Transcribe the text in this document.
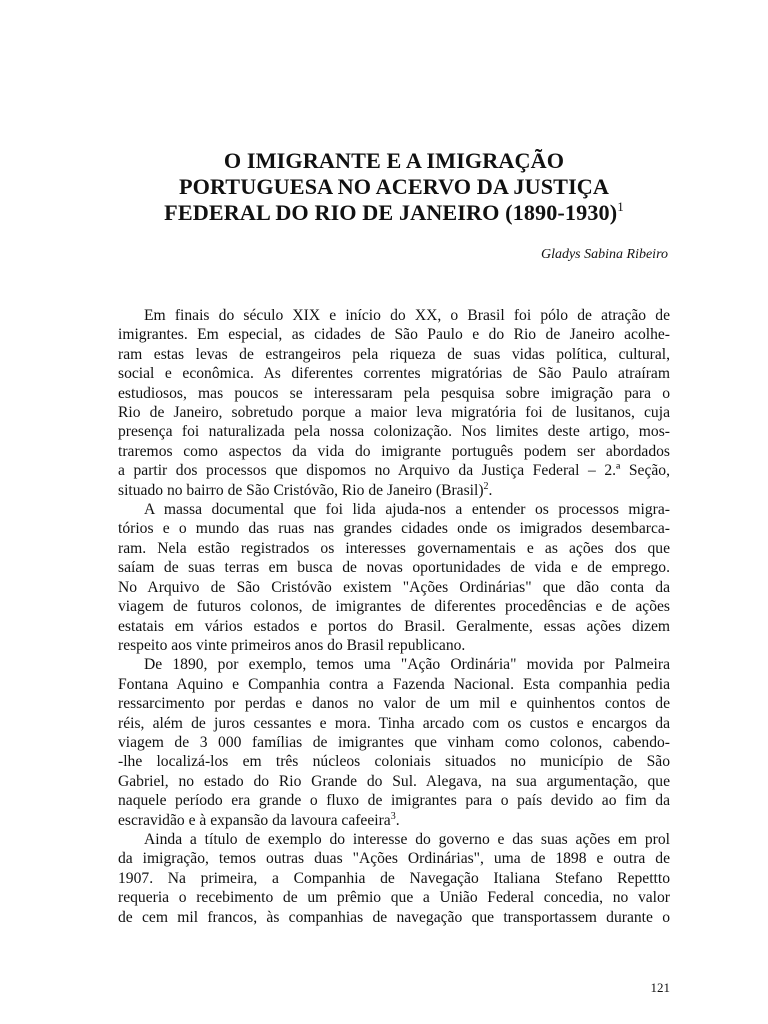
O IMIGRANTE E A IMIGRAÇÃO
PORTUGUESA NO ACERVO DA JUSTIÇA
FEDERAL DO RIO DE JANEIRO (1890-1930)$^1$
Gladys Sabina Ribeiro
Em finais do século XIX e início do XX, o Brasil foi pólo de atração de
imigrantes. Em especial, as cidades de São Paulo e do Rio de Janeiro acolhe-
ram estas levas de estrangeiros pela riqueza de suas vidas política, cultural,
social e econômica. As diferentes correntes migratórias de São Paulo atraíram
estudiosos, mas poucos se interessaram pela pesquisa sobre imigração para o
Rio de Janeiro, sobretudo porque a maior leva migratória foi de lusitanos, cuja
presença foi naturalizada pela nossa colonização. Nos limites deste artigo, mos-
traremos como aspectos da vida do imigrante português podem ser abordados
a partir dos processos que dispomos no Arquivo da Justiça Federal – 2.ª Seção,
situado no bairro de São Cristóvão, Rio de Janeiro (Brasil)$^2$.
A massa documental que foi lida ajuda-nos a entender os processos migra-
tórios e o mundo das ruas nas grandes cidades onde os imigrados desembarca-
ram. Nela estão registrados os interesses governamentais e as ações dos que
saíam de suas terras em busca de novas oportunidades de vida e de emprego.
No Arquivo de São Cristóvão existem "Ações Ordinárias" que dão conta da
viagem de futuros colonos, de imigrantes de diferentes procedências e de ações
estatais em vários estados e portos do Brasil. Geralmente, essas ações dizem
respeito aos vinte primeiros anos do Brasil republicano.
De 1890, por exemplo, temos uma "Ação Ordinária" movida por Palmeira
Fontana Aquino e Companhia contra a Fazenda Nacional. Esta companhia pedia
ressarcimento por perdas e danos no valor de um mil e quinhentos contos de
réis, além de juros cessantes e mora. Tinha arcado com os custos e encargos da
viagem de 3 000 famílias de imigrantes que vinham como colonos, cabendo-
-lhe localizá-los em três núcleos coloniais situados no município de São
Gabriel, no estado do Rio Grande do Sul. Alegava, na sua argumentação, que
naquele período era grande o fluxo de imigrantes para o país devido ao fim da
escravidão e à expansão da lavoura cafeeira$^3$.
Ainda a título de exemplo do interesse do governo e das suas ações em prol
da imigração, temos outras duas "Ações Ordinárias", uma de 1898 e outra de
1907. Na primeira, a Companhia de Navegação Italiana Stefano Repettto
requeria o recebimento de um prêmio que a União Federal concedia, no valor
de cem mil francos, às companhias de navegação que transportassem durante o
121
